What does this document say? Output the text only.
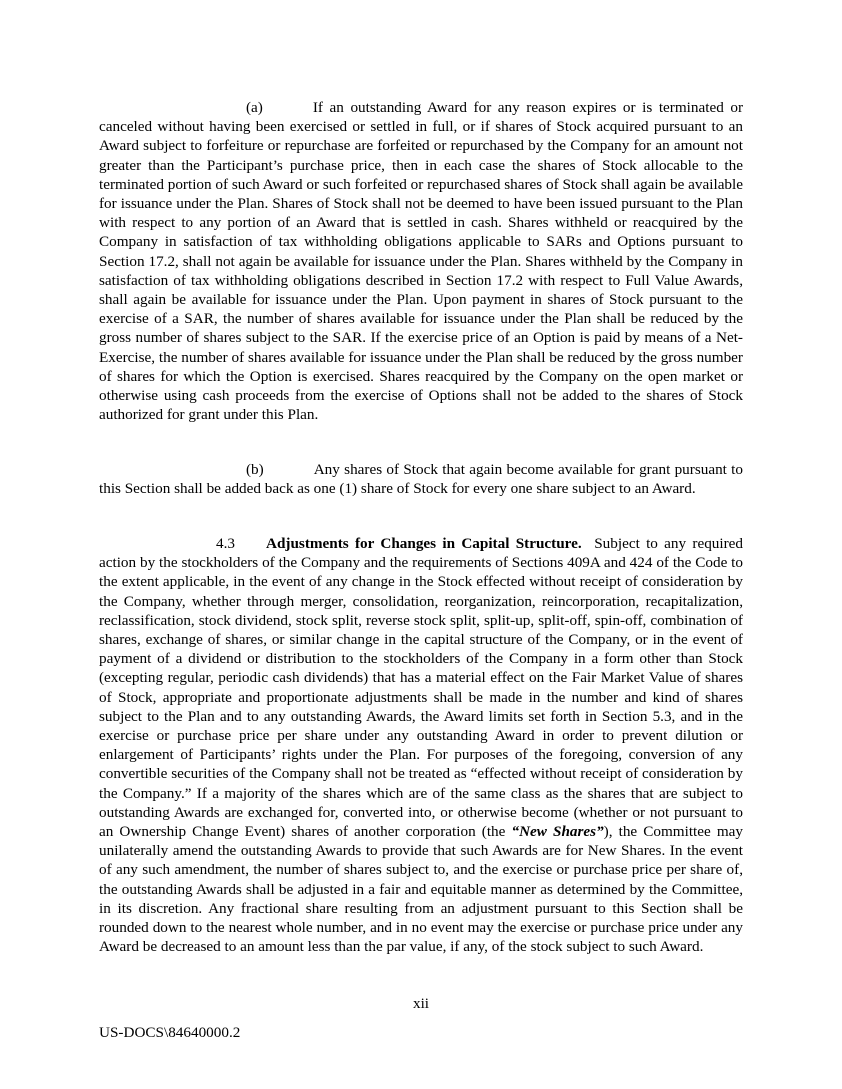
(a)	If an outstanding Award for any reason expires or is terminated or canceled without having been exercised or settled in full, or if shares of Stock acquired pursuant to an Award subject to forfeiture or repurchase are forfeited or repurchased by the Company for an amount not greater than the Participant’s purchase price, then in each case the shares of Stock allocable to the terminated portion of such Award or such forfeited or repurchased shares of Stock shall again be available for issuance under the Plan. Shares of Stock shall not be deemed to have been issued pursuant to the Plan with respect to any portion of an Award that is settled in cash. Shares withheld or reacquired by the Company in satisfaction of tax withholding obligations applicable to SARs and Options pursuant to Section 17.2, shall not again be available for issuance under the Plan. Shares withheld by the Company in satisfaction of tax withholding obligations described in Section 17.2 with respect to Full Value Awards, shall again be available for issuance under the Plan. Upon payment in shares of Stock pursuant to the exercise of a SAR, the number of shares available for issuance under the Plan shall be reduced by the gross number of shares subject to the SAR. If the exercise price of an Option is paid by means of a Net-Exercise, the number of shares available for issuance under the Plan shall be reduced by the gross number of shares for which the Option is exercised. Shares reacquired by the Company on the open market or otherwise using cash proceeds from the exercise of Options shall not be added to the shares of Stock authorized for grant under this Plan.

(b)	Any shares of Stock that again become available for grant pursuant to this Section shall be added back as one (1) share of Stock for every one share subject to an Award.

4.3 Adjustments for Changes in Capital Structure. Subject to any required action by the stockholders of the Company and the requirements of Sections 409A and 424 of the Code to the extent applicable, in the event of any change in the Stock effected without receipt of consideration by the Company, whether through merger, consolidation, reorganization, reincorporation, recapitalization, reclassification, stock dividend, stock split, reverse stock split, split-up, split-off, spin-off, combination of shares, exchange of shares, or similar change in the capital structure of the Company, or in the event of payment of a dividend or distribution to the stockholders of the Company in a form other than Stock (excepting regular, periodic cash dividends) that has a material effect on the Fair Market Value of shares of Stock, appropriate and proportionate adjustments shall be made in the number and kind of shares subject to the Plan and to any outstanding Awards, the Award limits set forth in Section 5.3, and in the exercise or purchase price per share under any outstanding Award in order to prevent dilution or enlargement of Participants’ rights under the Plan. For purposes of the foregoing, conversion of any convertible securities of the Company shall not be treated as “effected without receipt of consideration by the Company.” If a majority of the shares which are of the same class as the shares that are subject to outstanding Awards are exchanged for, converted into, or otherwise become (whether or not pursuant to an Ownership Change Event) shares of another corporation (the “New Shares”), the Committee may unilaterally amend the outstanding Awards to provide that such Awards are for New Shares. In the event of any such amendment, the number of shares subject to, and the exercise or purchase price per share of, the outstanding Awards shall be adjusted in a fair and equitable manner as determined by the Committee, in its discretion. Any fractional share resulting from an adjustment pursuant to this Section shall be rounded down to the nearest whole number, and in no event may the exercise or purchase price under any Award be decreased to an amount less than the par value, if any, of the stock subject to such Award.

xii
US-DOCS\84640000.2
